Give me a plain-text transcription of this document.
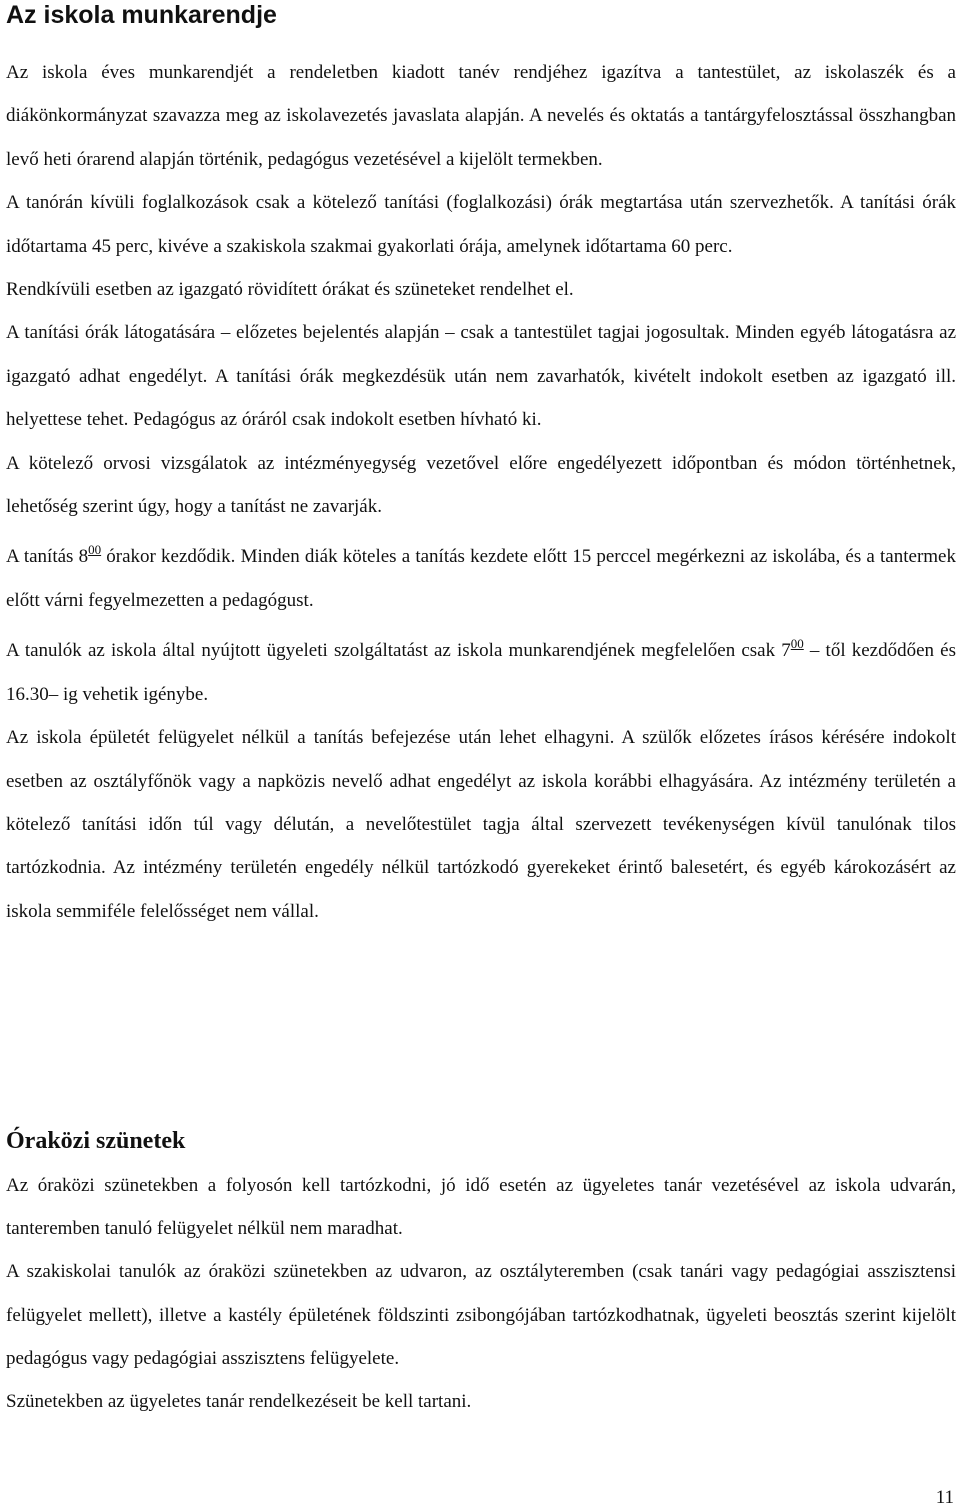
Az iskola munkarendje

Az iskola éves munkarendjét a rendeletben kiadott tanév rendjéhez igazítva a tantestület, az iskolaszék és a diákönkormányzat szavazza meg az iskolavezetés javaslata alapján. A nevelés és oktatás a tantárgyfelosztással összhangban levő heti órarend alapján történik, pedagógus vezetésével a kijelölt termekben.

A tanórán kívüli foglalkozások csak a kötelező tanítási (foglalkozási) órák megtartása után szervezhetők. A tanítási órák időtartama 45 perc, kivéve a szakiskola szakmai gyakorlati órája, amelynek időtartama 60 perc.

Rendkívüli esetben az igazgató rövidített órákat és szüneteket rendelhet el.

A tanítási órák látogatására – előzetes bejelentés alapján – csak a tantestület tagjai jogosultak. Minden egyéb látogatásra az igazgató adhat engedélyt. A tanítási órák megkezdésük után nem zavarhatók, kivételt indokolt esetben az igazgató ill. helyettese tehet. Pedagógus az óráról csak indokolt esetben hívható ki.

A kötelező orvosi vizsgálatok az intézményegység vezetővel előre engedélyezett időpontban és módon történhetnek, lehetőség szerint úgy, hogy a tanítást ne zavarják.

A tanítás $8^{00}$ órakor kezdődik. Minden diák köteles a tanítás kezdete előtt 15 perccel megérkezni az iskolába, és a tantermek előtt várni fegyelmezetten a pedagógust.

A tanulók az iskola által nyújtott ügyeleti szolgáltatást az iskola munkarendjének megfelelően csak $7^{00}$ – től kezdődően és 16.30– ig vehetik igénybe.

Az iskola épületét felügyelet nélkül a tanítás befejezése után lehet elhagyni. A szülők előzetes írásos kérésére indokolt esetben az osztályfőnök vagy a napközis nevelő adhat engedélyt az iskola korábbi elhagyására. Az intézmény területén a kötelező tanítási időn túl vagy délután, a nevelőtestület tagja által szervezett tevékenységen kívül tanulónak tilos tartózkodnia. Az intézmény területén engedély nélkül tartózkodó gyerekeket érintő balesetért, és egyéb károkozásért az iskola semmiféle felelősséget nem vállal.

Óraközi szünetek

Az óraközi szünetekben a folyosón kell tartózkodni, jó idő esetén az ügyeletes tanár vezetésével az iskola udvarán, tanteremben tanuló felügyelet nélkül nem maradhat.

A szakiskolai tanulók az óraközi szünetekben az udvaron, az osztályteremben (csak tanári vagy pedagógiai asszisztensi felügyelet mellett), illetve a kastély épületének földszinti zsibongójában tartózkodhatnak, ügyeleti beosztás szerint kijelölt pedagógus vagy pedagógiai asszisztens felügyelete.

Szünetekben az ügyeletes tanár rendelkezéseit be kell tartani.

11
